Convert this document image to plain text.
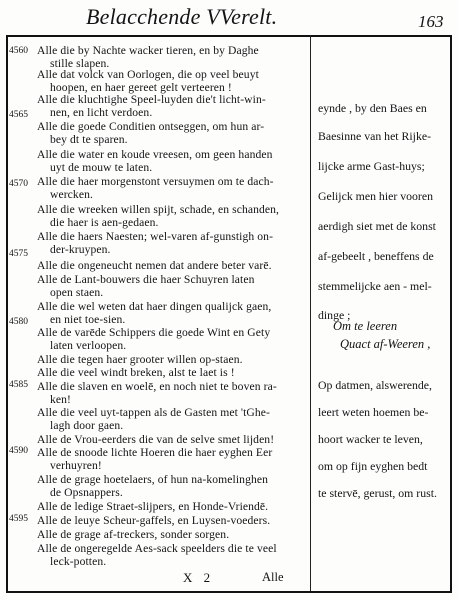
Belacchende VVerelt.	163
4560
4565
4570
4575
4580
4585
4590
4595
Alle die by Nachte wacker tieren, en by Daghe
stille slapen.
Alle dat volck van Oorlogen, die op veel beuyt
hoopen, en haer gereet gelt verteeren !
Alle die kluchtighe Speel-luyden die't licht-win-
nen, en licht verdoen.
Alle die goede Conditien ontseggen, om hun ar-
bey dt te sparen.
Alle die water en koude vreesen, om geen handen
uyt de mouw te laten.
Alle die haer morgenstont versuymen om te dach-
wercken.
Alle die wreeken willen spijt, schade, en schanden,
die haer is aen-gedaen.
Alle die haers Naesten; wel-varen af-gunstigh on-
der-kruypen.
Alle die ongeneucht nemen dat andere beter varē.
Alle de Lant-bouwers die haer Schuyren laten
open staen.
Alle die wel weten dat haer dingen qualijck gaen,
en niet toe-sien.
Alle de varēde Schippers die goede Wint en Gety
laten verloopen.
Alle die tegen haer grooter willen op-staen.
Alle die veel windt breken, alst te laet is !
Alle die slaven en woelē, en noch niet te boven ra-
ken!
Alle die veel uyt-tappen als de Gasten met 'tGhe-
lagh door gaen.
Alle de Vrou-eerders die van de selve smet lijden!
Alle de snoode lichte Hoeren die haer eyghen Eer
verhuyren!
Alle de grage hoetelaers, of hun na-komelinghen
de Opsnappers.
Alle de ledige Straet-slijpers, en Honde-Vriendē.
Alle de leuye Scheur-gaffels, en Luysen-voeders.
Alle de grage af-treckers, sonder sorgen.
Alle de ongeregelde Aes-sack speelders die te veel
leck-potten.
eynde , by den Baes en
Baesinne van het Rijke-
lijcke arme Gast-huys;
Gelijck men hier vooren
aerdigh siet met de konst
af-gebeelt , beneffens de
stemmelijcke aen - mel-
dinge ;
Om te leeren
Quact af-Weeren ,
Op datmen, alswerende,
leert weten hoemen be-
hoort wacker te leven,
om op fijn eyghen bedt
te stervē, gerust, om rust.
X 2	Alle
